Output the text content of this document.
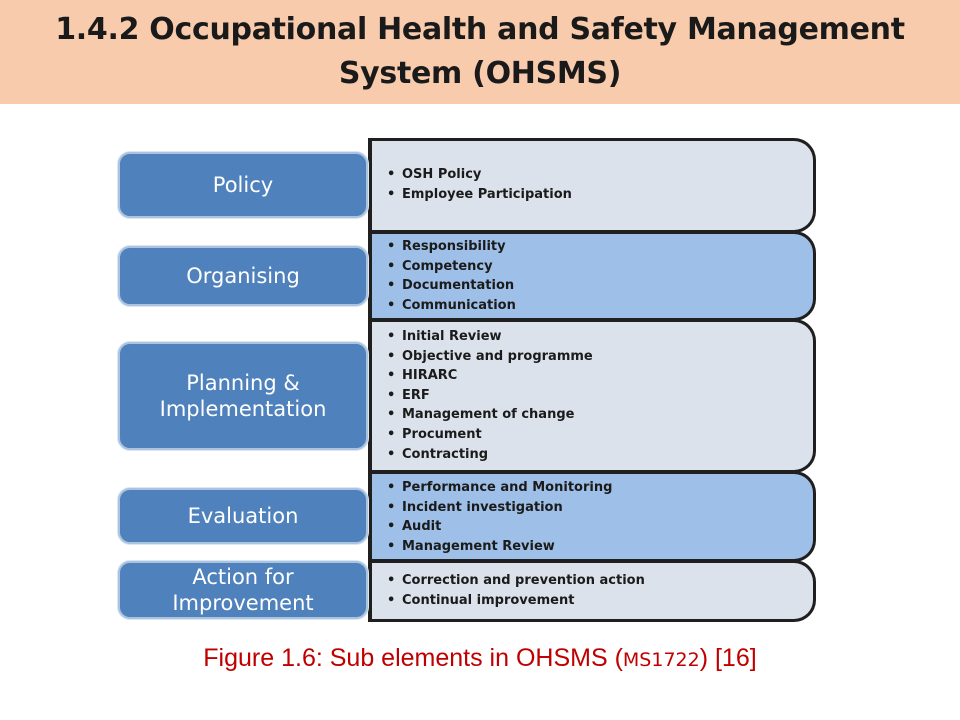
1.4.2 Occupational Health and Safety Management
System (OHSMS)
• OSH Policy
• Employee Participation
• Responsibility
• Competency
• Documentation
• Communication
• Initial Review
• Objective and programme
• HIRARC
• ERF
• Management of change
• Procument
• Contracting
• Performance and Monitoring
• Incident investigation
• Audit
• Management Review
• Correction and prevention action
• Continual improvement
Policy
Organising
Planning & Implementation
Evaluation
Action for Improvement
Figure 1.6: Sub elements in OHSMS (MS1722) [16]
